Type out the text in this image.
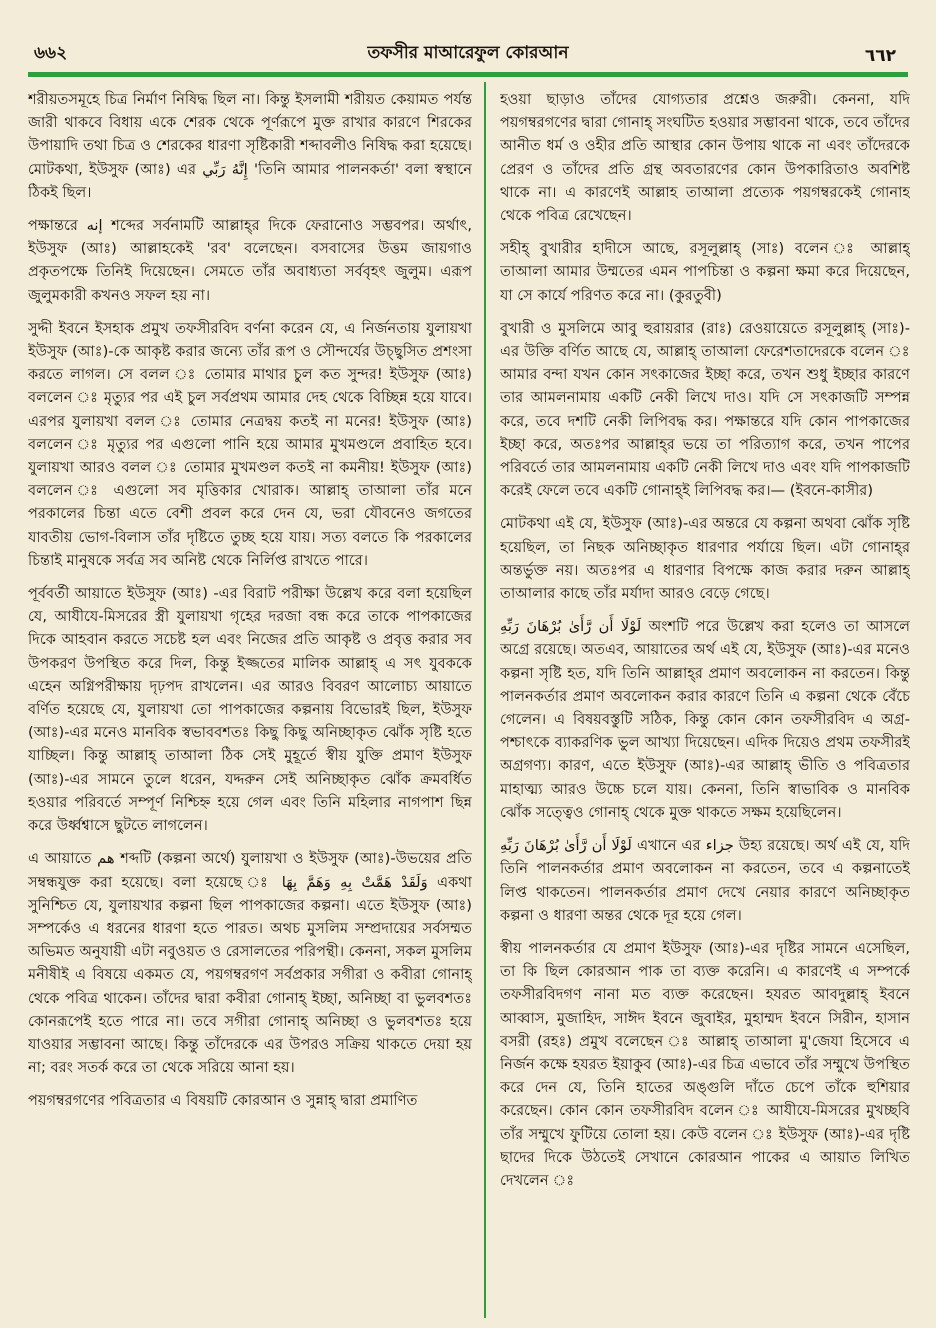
৬৬২	তফসীর মাআরেফুল কোরআন	٦٦٢

শরীয়তসমূহে চিত্র নির্মাণ নিষিদ্ধ ছিল না। কিন্তু ইসলামী শরীয়ত কেয়ামত পর্যন্ত জারী থাকবে বিধায় একে শেরক থেকে পূর্ণরূপে মুক্ত রাখার কারণে শিরকের উপায়াদি তথা চিত্র ও শেরকের ধারণা সৃষ্টিকারী শব্দাবলীও নিষিদ্ধ করা হয়েছে। মোটকথা, ইউসুফ (আঃ) এর إِنَّهُ رَبِّي 'তিনি আমার পালনকর্তা' বলা স্বস্থানে ঠিকই ছিল।

পক্ষান্তরে إنه শব্দের সর্বনামটি আল্লাহ্‌র দিকে ফেরানোও সম্ভবপর। অর্থাৎ, ইউসুফ (আঃ) আল্লাহকেই 'রব' বলেছেন। বসবাসের উত্তম জায়গাও প্রকৃতপক্ষে তিনিই দিয়েছেন। সেমতে তাঁর অবাধ্যতা সর্ববৃহৎ জুলুম। এরূপ জুলুমকারী কখনও সফল হয় না।

সুদ্দী ইবনে ইসহাক প্রমুখ তফসীরবিদ বর্ণনা করেন যে, এ নির্জনতায় যুলায়খা ইউসুফ (আঃ)-কে আকৃষ্ট করার জন্যে তাঁর রূপ ও সৌন্দর্যের উচ্ছ্বসিত প্রশংসা করতে লাগল। সে বলল ঃ তোমার মাথার চুল কত সুন্দর! ইউসুফ (আঃ) বললেন ঃ মৃত্যুর পর এই চুল সর্বপ্রথম আমার দেহ থেকে বিচ্ছিন্ন হয়ে যাবে। এরপর যুলায়খা বলল ঃ তোমার নেত্রদ্বয় কতই না মনের! ইউসুফ (আঃ) বললেন ঃ মৃত্যুর পর এগুলো পানি হয়ে আমার মুখমণ্ডলে প্রবাহিত হবে। যুলায়খা আরও বলল ঃ তোমার মুখমণ্ডল কতই না কমনীয়! ইউসুফ (আঃ) বললেন ঃ এগুলো সব মৃত্তিকার খোরাক। আল্লাহ্ তাআলা তাঁর মনে পরকালের চিন্তা এতে বেশী প্রবল করে দেন যে, ভরা যৌবনেও জগতের যাবতীয় ভোগ-বিলাস তাঁর দৃষ্টিতে তুচ্ছ হয়ে যায়। সত্য বলতে কি পরকালের চিন্তাই মানুষকে সর্বত্র সব অনিষ্ট থেকে নির্লিপ্ত রাখতে পারে।

পূর্ববর্তী আয়াতে ইউসুফ (আঃ) -এর বিরাট পরীক্ষা উল্লেখ করে বলা হয়েছিল যে, আযীযে-মিসরের স্ত্রী যুলায়খা গৃহের দরজা বন্ধ করে তাকে পাপকাজের দিকে আহবান করতে সচেষ্ট হল এবং নিজের প্রতি আকৃষ্ট ও প্রবৃত্ত করার সব উপকরণ উপস্থিত করে দিল, কিন্তু ইজ্জতের মালিক আল্লাহ্ এ সৎ যুবককে এহেন অগ্নিপরীক্ষায় দৃঢ়পদ রাখলেন। এর আরও বিবরণ আলোচ্য আয়াতে বর্ণিত হয়েছে যে, যুলায়খা তো পাপকাজের কল্পনায় বিভোরই ছিল, ইউসুফ (আঃ)-এর মনেও মানবিক স্বভাববশতঃ কিছু কিছু অনিচ্ছাকৃত ঝোঁক সৃষ্টি হতে যাচ্ছিল। কিন্তু আল্লাহ্ তাআলা ঠিক সেই মুহূর্তে স্বীয় যুক্তি প্রমাণ ইউসুফ (আঃ)-এর সামনে তুলে ধরেন, যদ্দরুন সেই অনিচ্ছাকৃত ঝোঁক ক্রমবর্ধিত হওয়ার পরিবর্তে সম্পূর্ণ নিশ্চিহ্ন হয়ে গেল এবং তিনি মহিলার নাগপাশ ছিন্ন করে উর্ধ্বশ্বাসে ছুটতে লাগলেন।

এ আয়াতে هم শব্দটি (কল্পনা অর্থে) যুলায়খা ও ইউসুফ (আঃ)-উভয়ের প্রতি সম্বন্ধযুক্ত করা হয়েছে। বলা হয়েছে ঃ وَلَقَدْ هَمَّتْ بِهِ وَهَمَّ بِهَا একথা সুনিশ্চিত যে, যুলায়খার কল্পনা ছিল পাপকাজের কল্পনা। এতে ইউসুফ (আঃ) সম্পর্কেও এ ধরনের ধারণা হতে পারত। অথচ মুসলিম সম্প্রদায়ের সর্বসম্মত অভিমত অনুযায়ী এটা নবুওয়ত ও রেসালতের পরিপন্থী। কেননা, সকল মুসলিম মনীষীই এ বিষয়ে একমত যে, পয়গম্বরগণ সর্বপ্রকার সগীরা ও কবীরা গোনাহ্ থেকে পবিত্র থাকেন। তাঁদের দ্বারা কবীরা গোনাহ্ ইচ্ছা, অনিচ্ছা বা ভুলবশতঃ কোনরূপেই হতে পারে না। তবে সগীরা গোনাহ্ অনিচ্ছা ও ভুলবশতঃ হয়ে যাওয়ার সম্ভাবনা আছে। কিন্তু তাঁদেরকে এর উপরও সক্রিয় থাকতে দেয়া হয় না; বরং সতর্ক করে তা থেকে সরিয়ে আনা হয়।

পয়গম্বরগণের পবিত্রতার এ বিষয়টি কোরআন ও সুন্নাহ্ দ্বারা প্রমাণিত

হওয়া ছাড়াও তাঁদের যোগ্যতার প্রশ্নেও জরুরী। কেননা, যদি পয়গম্বরগণের দ্বারা গোনাহ্ সংঘটিত হওয়ার সম্ভাবনা থাকে, তবে তাঁদের আনীত ধর্ম ও ওহীর প্রতি আস্থার কোন উপায় থাকে না এবং তাঁদেরকে প্রেরণ ও তাঁদের প্রতি গ্রন্থ অবতারণের কোন উপকারিতাও অবশিষ্ট থাকে না। এ কারণেই আল্লাহ তাআলা প্রত্যেক পয়গম্বরকেই গোনাহ থেকে পবিত্র রেখেছেন।

সহীহ্ বুখারীর হাদীসে আছে, রসূলুল্লাহ্ (সাঃ) বলেন ঃ আল্লাহ্ তাআলা আমার উম্মতের এমন পাপচিন্তা ও কল্পনা ক্ষমা করে দিয়েছেন, যা সে কার্যে পরিণত করে না। (কুরতুবী)

বুখারী ও মুসলিমে আবু হুরায়রার (রাঃ) রেওয়ায়েতে রসূলুল্লাহ্ (সাঃ)-এর উক্তি বর্ণিত আছে যে, আল্লাহ্ তাআলা ফেরেশতাদেরকে বলেন ঃ আমার বন্দা যখন কোন সৎকাজের ইচ্ছা করে, তখন শুধু ইচ্ছার কারণে তার আমলনামায় একটি নেকী লিখে দাও। যদি সে সৎকাজটি সম্পন্ন করে, তবে দশটি নেকী লিপিবদ্ধ কর। পক্ষান্তরে যদি কোন পাপকাজের ইচ্ছা করে, অতঃপর আল্লাহ্‌র ভয়ে তা পরিত্যাগ করে, তখন পাপের পরিবর্তে তার আমলনামায় একটি নেকী লিখে দাও এবং যদি পাপকাজটি করেই ফেলে তবে একটি গোনাহ্‌ই লিপিবদ্ধ কর।— (ইবনে-কাসীর)

মোটকথা এই যে, ইউসুফ (আঃ)-এর অন্তরে যে কল্পনা অথবা ঝোঁক সৃষ্টি হয়েছিল, তা নিছক অনিচ্ছাকৃত ধারণার পর্যায়ে ছিল। এটা গোনাহ্‌র অন্তর্ভুক্ত নয়। অতঃপর এ ধারণার বিপক্ষে কাজ করার দরুন আল্লাহ্ তাআলার কাছে তাঁর মর্যাদা আরও বেড়ে গেছে।

لَوْلَا أَن رَّأَىٰ بُرْهَانَ رَبِّهِ অংশটি পরে উল্লেখ করা হলেও তা আসলে অগ্রে রয়েছে। অতএব, আয়াতের অর্থ এই যে, ইউসুফ (আঃ)-এর মনেও কল্পনা সৃষ্টি হত, যদি তিনি আল্লাহ্‌র প্রমাণ অবলোকন না করতেন। কিন্তু পালনকর্তার প্রমাণ অবলোকন করার কারণে তিনি এ কল্পনা থেকে বেঁচে গেলেন। এ বিষয়বস্তুটি সঠিক, কিন্তু কোন কোন তফসীরবিদ এ অগ্র-পশ্চাৎকে ব্যাকরণিক ভুল আখ্যা দিয়েছেন। এদিক দিয়েও প্রথম তফসীরই অগ্রগণ্য। কারণ, এতে ইউসুফ (আঃ)-এর আল্লাহ্ ভীতি ও পবিত্রতার মাহাত্ম্য আরও উচ্চে চলে যায়। কেননা, তিনি স্বাভাবিক ও মানবিক ঝোঁক সত্ত্বেও গোনাহ্ থেকে মুক্ত থাকতে সক্ষম হয়েছিলেন।

لَوْلَا أَن رَّأَىٰ بُرْهَانَ رَبِّهِ এখানে এর جزاء উহ্য রয়েছে। অর্থ এই যে, যদি তিনি পালনকর্তার প্রমাণ অবলোকন না করতেন, তবে এ কল্পনাতেই লিপ্ত থাকতেন। পালনকর্তার প্রমাণ দেখে নেয়ার কারণে অনিচ্ছাকৃত কল্পনা ও ধারণা অন্তর থেকে দূর হয়ে গেল।

স্বীয় পালনকর্তার যে প্রমাণ ইউসুফ (আঃ)-এর দৃষ্টির সামনে এসেছিল, তা কি ছিল কোরআন পাক তা ব্যক্ত করেনি। এ কারণেই এ সম্পর্কে তফসীরবিদগণ নানা মত ব্যক্ত করেছেন। হযরত আবদুল্লাহ্ ইবনে আব্বাস, মুজাহিদ, সাঈদ ইবনে জুবাইর, মুহাম্মদ ইবনে সিরীন, হাসান বসরী (রহঃ) প্রমুখ বলেছেন ঃ আল্লাহ্ তাআলা মু'জেযা হিসেবে এ নির্জন কক্ষে হযরত ইয়াকুব (আঃ)-এর চিত্র এভাবে তাঁর সম্মুখে উপস্থিত করে দেন যে, তিনি হাতের অঙ্গুলি দাঁতে চেপে তাঁকে হুশিয়ার করেছেন। কোন কোন তফসীরবিদ বলেন ঃ আযীযে-মিসরের মুখচ্ছবি তাঁর সম্মুখে ফুটিয়ে তোলা হয়। কেউ বলেন ঃ ইউসুফ (আঃ)-এর দৃষ্টি ছাদের দিকে উঠতেই সেখানে কোরআন পাকের এ আয়াত লিখিত দেখলেন ঃ
